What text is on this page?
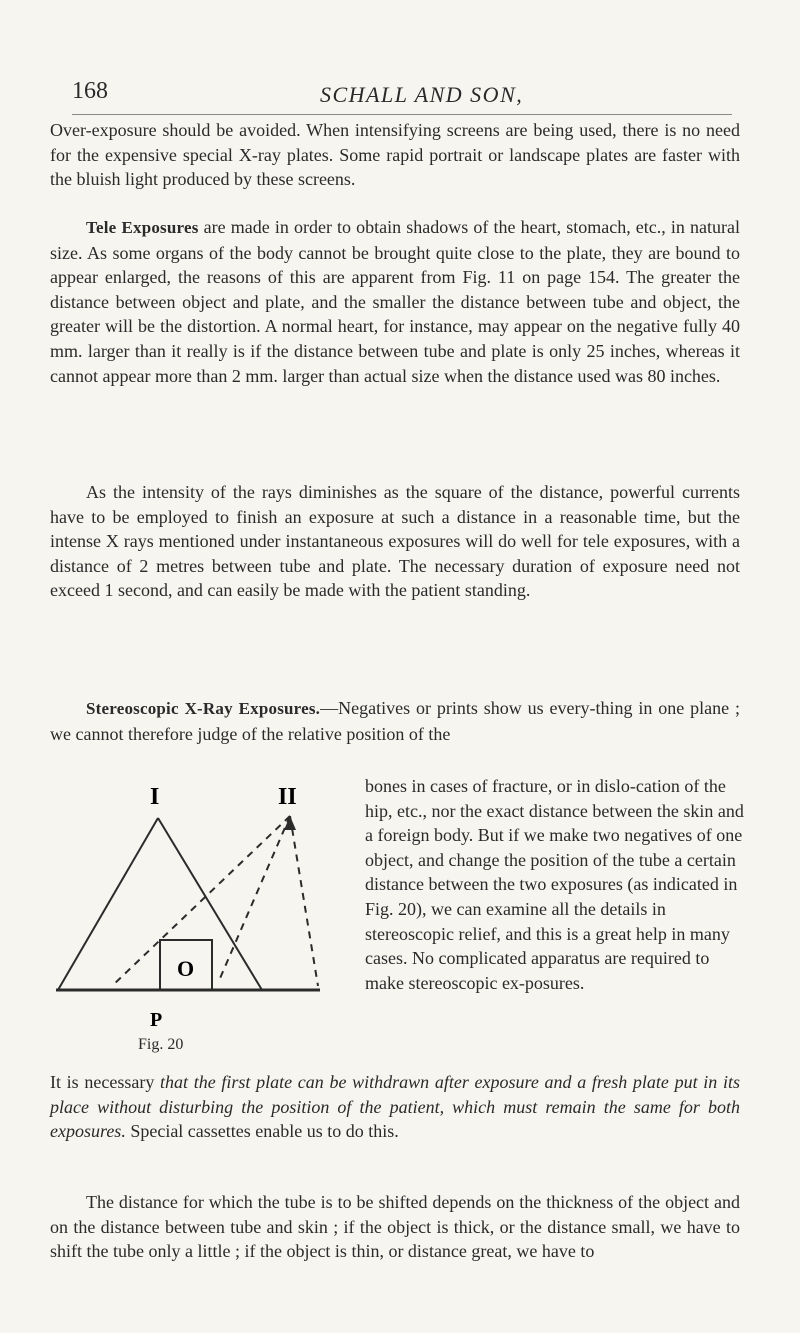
168	SCHALL AND SON,

Over-exposure should be avoided. When intensifying screens are being used, there is no need for the expensive special X-ray plates. Some rapid portrait or landscape plates are faster with the bluish light produced by these screens.

Tele Exposures are made in order to obtain shadows of the heart, stomach, etc., in natural size. As some organs of the body cannot be brought quite close to the plate, they are bound to appear enlarged, the reasons of this are apparent from Fig. 11 on page 154. The greater the distance between object and plate, and the smaller the distance between tube and object, the greater will be the distortion. A normal heart, for instance, may appear on the negative fully 40 mm. larger than it really is if the distance between tube and plate is only 25 inches, whereas it cannot appear more than 2 mm. larger than actual size when the distance used was 80 inches.

As the intensity of the rays diminishes as the square of the distance, powerful currents have to be employed to finish an exposure at such a distance in a reasonable time, but the intense X rays mentioned under instantaneous exposures will do well for tele exposures, with a distance of 2 metres between tube and plate. The necessary duration of exposure need not exceed 1 second, and can easily be made with the patient standing.

Stereoscopic X-Ray Exposures.—Negatives or prints show us every-thing in one plane ; we cannot therefore judge of the relative position of the

I	II
O
P
Fig. 20

bones in cases of fracture, or in dislo-cation of the hip, etc., nor the exact distance between the skin and a foreign body. But if we make two negatives of one object, and change the position of the tube a certain distance between the two exposures (as indicated in Fig. 20), we can examine all the details in stereoscopic relief, and this is a great help in many cases. No complicated apparatus are required to make stereoscopic ex-posures.

It is necessary that the first plate can be withdrawn after exposure and a fresh plate put in its place without disturbing the position of the patient, which must remain the same for both exposures. Special cassettes enable us to do this.

The distance for which the tube is to be shifted depends on the thickness of the object and on the distance between tube and skin ; if the object is thick, or the distance small, we have to shift the tube only a little ; if the object is thin, or distance great, we have to
